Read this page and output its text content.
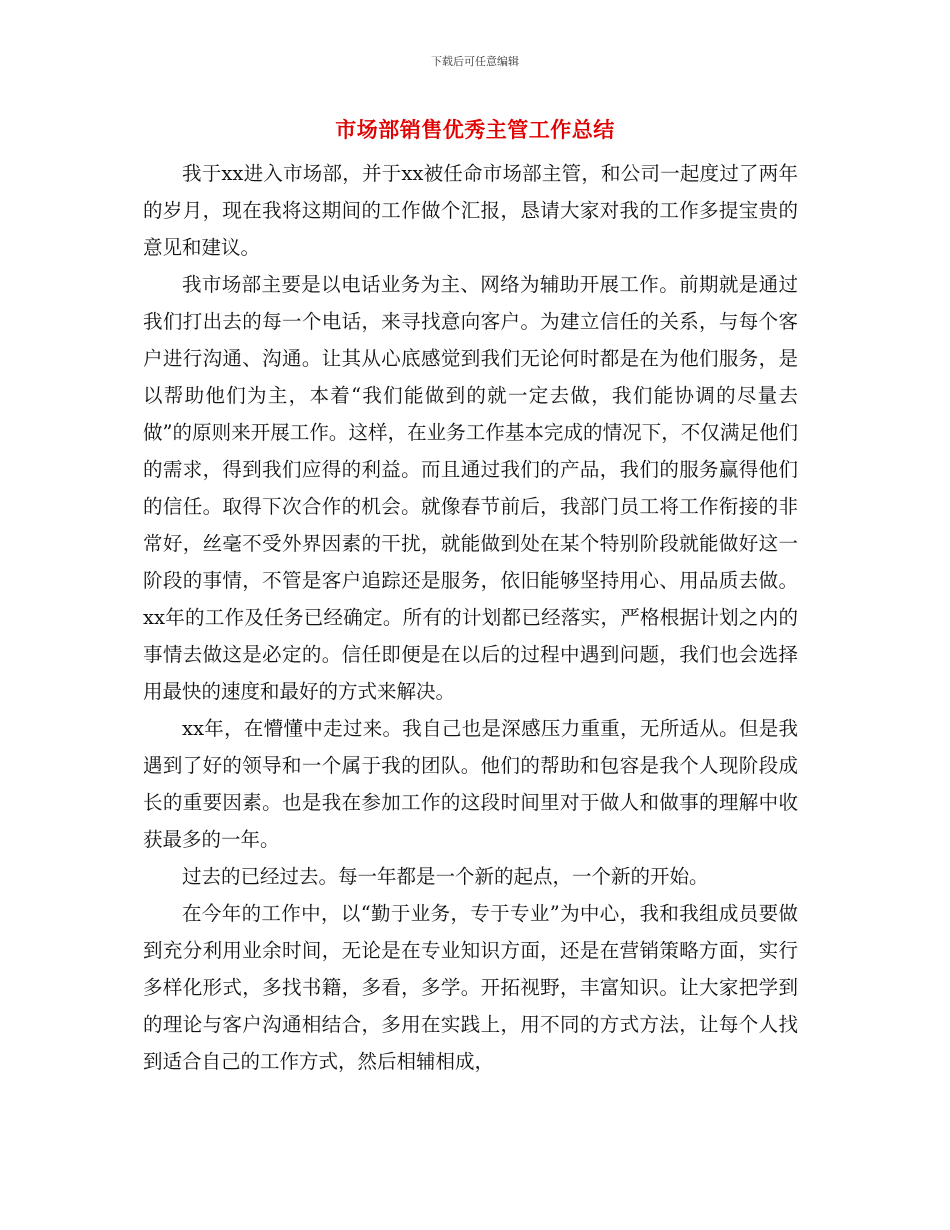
下载后可任意编辑
市场部销售优秀主管工作总结

我于xx进入市场部，并于xx被任命市场部主管，和公司一起度过了两年的岁月，现在我将这期间的工作做个汇报，恳请大家对我的工作多提宝贵的意见和建议。

我市场部主要是以电话业务为主、网络为辅助开展工作。前期就是通过我们打出去的每一个电话，来寻找意向客户。为建立信任的关系，与每个客户进行沟通、沟通。让其从心底感觉到我们无论何时都是在为他们服务，是以帮助他们为主，本着“我们能做到的就一定去做，我们能协调的尽量去做”的原则来开展工作。这样，在业务工作基本完成的情况下，不仅满足他们的需求，得到我们应得的利益。而且通过我们的产品，我们的服务赢得他们的信任。取得下次合作的机会。就像春节前后，我部门员工将工作衔接的非常好，丝毫不受外界因素的干扰，就能做到处在某个特别阶段就能做好这一阶段的事情，不管是客户追踪还是服务，依旧能够坚持用心、用品质去做。xx年的工作及任务已经确定。所有的计划都已经落实，严格根据计划之内的事情去做这是必定的。信任即便是在以后的过程中遇到问题，我们也会选择用最快的速度和最好的方式来解决。

xx年，在懵懂中走过来。我自己也是深感压力重重，无所适从。但是我遇到了好的领导和一个属于我的团队。他们的帮助和包容是我个人现阶段成长的重要因素。也是我在参加工作的这段时间里对于做人和做事的理解中收获最多的一年。

过去的已经过去。每一年都是一个新的起点，一个新的开始。

在今年的工作中，以“勤于业务，专于专业”为中心，我和我组成员要做到充分利用业余时间，无论是在专业知识方面，还是在营销策略方面，实行多样化形式，多找书籍，多看，多学。开拓视野，丰富知识。让大家把学到的理论与客户沟通相结合，多用在实践上，用不同的方式方法，让每个人找到适合自己的工作方式，然后相辅相成，
